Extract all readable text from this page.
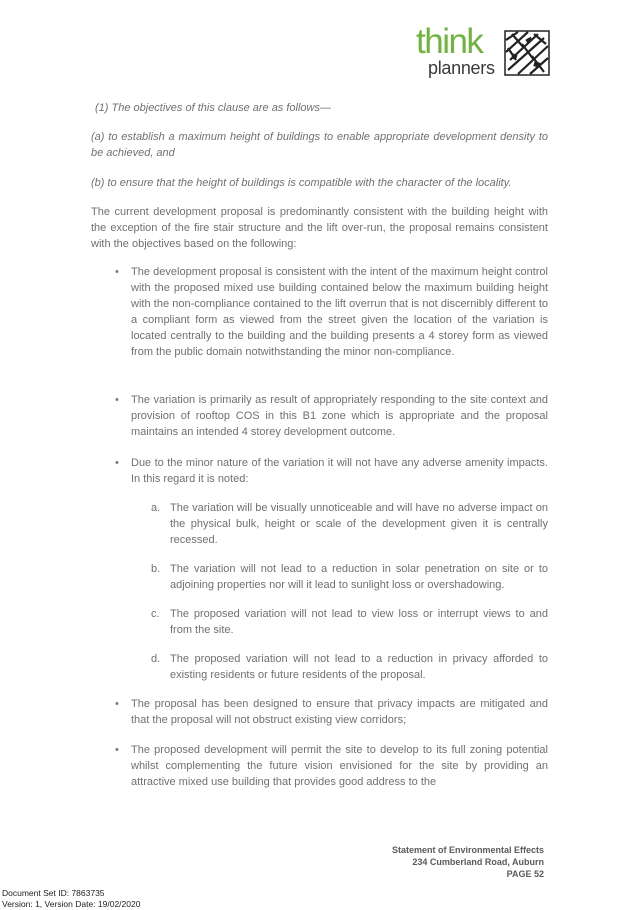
think
planners
(1) The objectives of this clause are as follows—
(a) to establish a maximum height of buildings to enable appropriate development density to be achieved, and
(b) to ensure that the height of buildings is compatible with the character of the locality.
The current development proposal is predominantly consistent with the building height with the exception of the fire stair structure and the lift over-run, the proposal remains consistent with the objectives based on the following:
• The development proposal is consistent with the intent of the maximum height control with the proposed mixed use building contained below the maximum building height with the non-compliance contained to the lift overrun that is not discernibly different to a compliant form as viewed from the street given the location of the variation is located centrally to the building and the building presents a 4 storey form as viewed from the public domain notwithstanding the minor non-compliance.
• The variation is primarily as result of appropriately responding to the site context and provision of rooftop COS in this B1 zone which is appropriate and the proposal maintains an intended 4 storey development outcome.
• Due to the minor nature of the variation it will not have any adverse amenity impacts. In this regard it is noted:
a. The variation will be visually unnoticeable and will have no adverse impact on the physical bulk, height or scale of the development given it is centrally recessed.
b. The variation will not lead to a reduction in solar penetration on site or to adjoining properties nor will it lead to sunlight loss or overshadowing.
c. The proposed variation will not lead to view loss or interrupt views to and from the site.
d. The proposed variation will not lead to a reduction in privacy afforded to existing residents or future residents of the proposal.
• The proposal has been designed to ensure that privacy impacts are mitigated and that the proposal will not obstruct existing view corridors;
• The proposed development will permit the site to develop to its full zoning potential whilst complementing the future vision envisioned for the site by providing an attractive mixed use building that provides good address to the
Statement of Environmental Effects
234 Cumberland Road, Auburn
PAGE 52
Document Set ID: 7863735
Version: 1, Version Date: 19/02/2020
